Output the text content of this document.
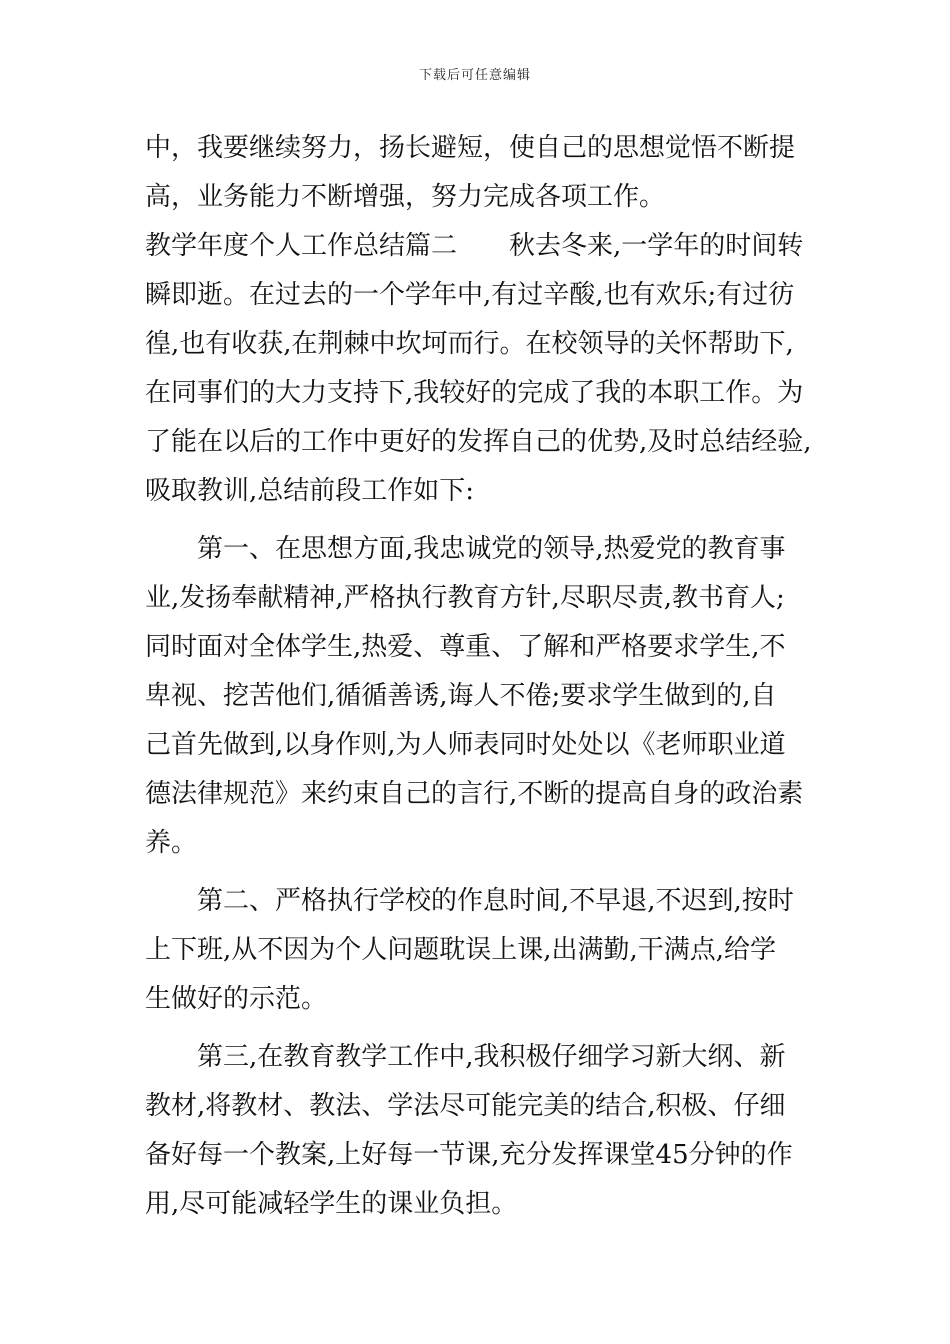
下载后可任意编辑
中，我要继续努力，扬长避短，使自己的思想觉悟不断提
高，业务能力不断增强，努力完成各项工作。
教学年度个人工作总结篇二　　秋去冬来,一学年的时间转
瞬即逝。在过去的一个学年中,有过辛酸,也有欢乐;有过彷
徨,也有收获,在荆棘中坎坷而行。在校领导的关怀帮助下,
在同事们的大力支持下,我较好的完成了我的本职工作。为
了能在以后的工作中更好的发挥自己的优势,及时总结经验,
吸取教训,总结前段工作如下:
第一、在思想方面,我忠诚党的领导,热爱党的教育事
业,发扬奉献精神,严格执行教育方针,尽职尽责,教书育人;
同时面对全体学生,热爱、尊重、了解和严格要求学生,不
卑视、挖苦他们,循循善诱,诲人不倦;要求学生做到的,自
己首先做到,以身作则,为人师表同时处处以《老师职业道
德法律规范》来约束自己的言行,不断的提高自身的政治素
养。
第二、严格执行学校的作息时间,不早退,不迟到,按时
上下班,从不因为个人问题耽误上课,出满勤,干满点,给学
生做好的示范。
第三,在教育教学工作中,我积极仔细学习新大纲、新
教材,将教材、教法、学法尽可能完美的结合,积极、仔细
备好每一个教案,上好每一节课,充分发挥课堂45分钟的作
用,尽可能减轻学生的课业负担。
